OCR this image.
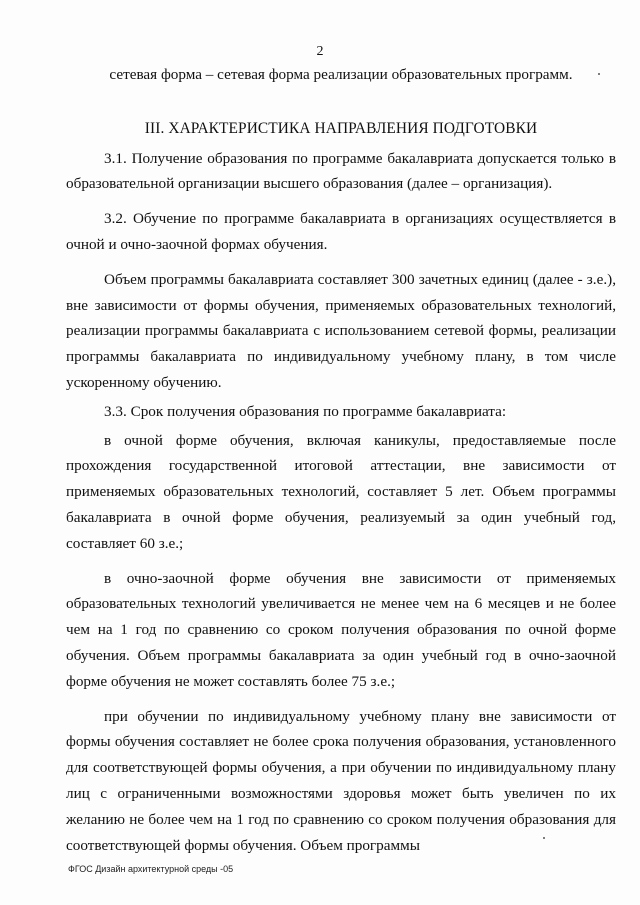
2

сетевая форма – сетевая форма реализации образовательных программ.

III. ХАРАКТЕРИСТИКА НАПРАВЛЕНИЯ ПОДГОТОВКИ

3.1. Получение образования по программе бакалавриата допускается только в образовательной организации высшего образования (далее – организация).

3.2. Обучение по программе бакалавриата в организациях осуществляется в очной и очно-заочной формах обучения.

Объем программы бакалавриата составляет 300 зачетных единиц (далее - з.е.), вне зависимости от формы обучения, применяемых образовательных технологий, реализации программы бакалавриата с использованием сетевой формы, реализации программы бакалавриата по индивидуальному учебному плану, в том числе ускоренному обучению.

3.3. Срок получения образования по программе бакалавриата:

в очной форме обучения, включая каникулы, предоставляемые после прохождения государственной итоговой аттестации, вне зависимости от применяемых образовательных технологий, составляет 5 лет. Объем программы бакалавриата в очной форме обучения, реализуемый за один учебный год, составляет 60 з.е.;

в очно-заочной форме обучения вне зависимости от применяемых образовательных технологий увеличивается не менее чем на 6 месяцев и не более чем на 1 год по сравнению со сроком получения образования по очной форме обучения. Объем программы бакалавриата за один учебный год в очно-заочной форме обучения не может составлять более 75 з.е.;

при обучении по индивидуальному учебному плану вне зависимости от формы обучения составляет не более срока получения образования, установленного для соответствующей формы обучения, а при обучении по индивидуальному плану лиц с ограниченными возможностями здоровья может быть увеличен по их желанию не более чем на 1 год по сравнению со сроком получения образования для соответствующей формы обучения. Объем программы

ФГОС Дизайн архитектурной среды -05
